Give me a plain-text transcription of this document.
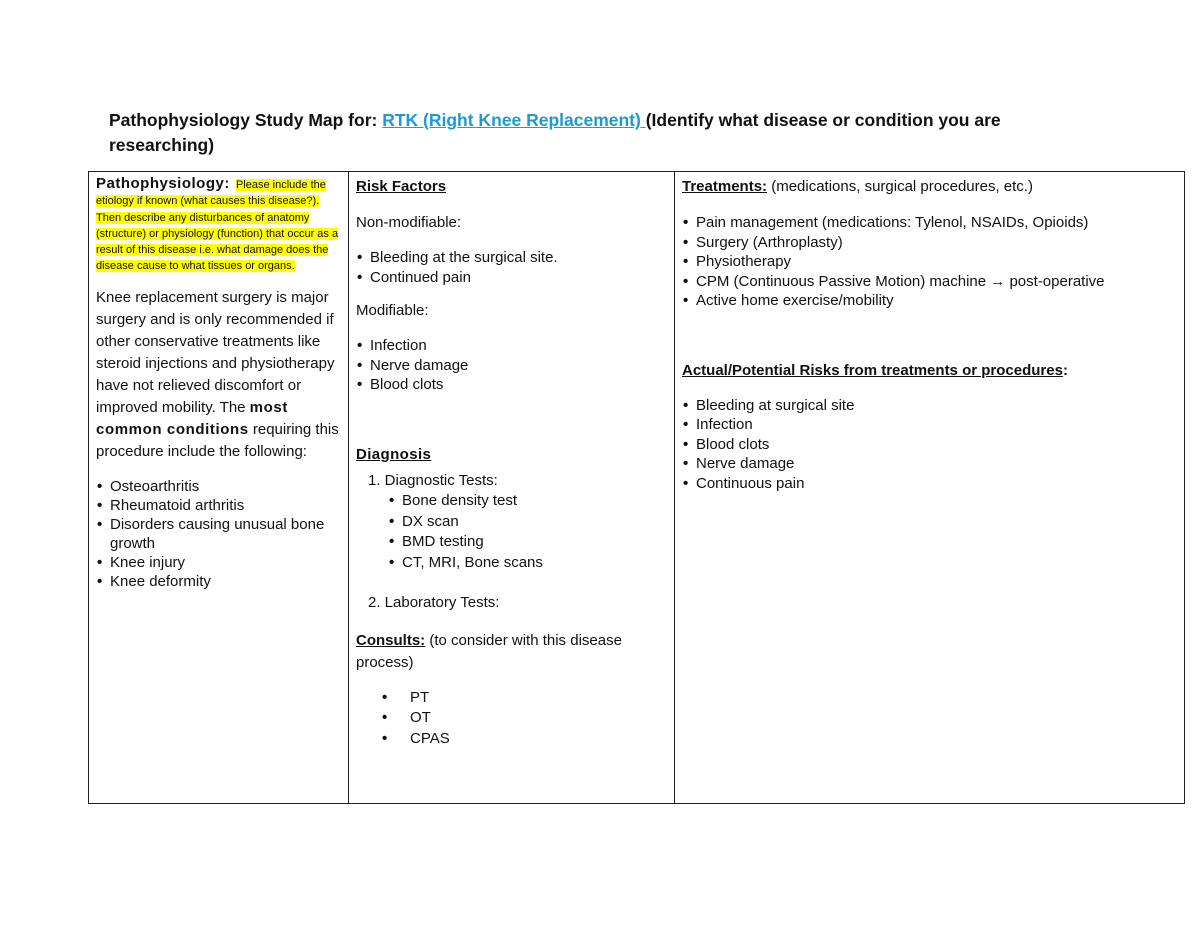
Pathophysiology Study Map for: RTK (Right Knee Replacement) (Identify what disease or condition you are researching)
Pathophysiology: Please include the etiology if known (what causes this disease?). Then describe any disturbances of anatomy (structure) or physiology (function) that occur as a result of this disease i.e. what damage does the disease cause to what tissues or organs.

Knee replacement surgery is major surgery and is only recommended if other conservative treatments like steroid injections and physiotherapy have not relieved discomfort or improved mobility. The most common conditions requiring this procedure include the following:

• Osteoarthritis
• Rheumatoid arthritis
• Disorders causing unusual bone growth
• Knee injury
• Knee deformity

Risk Factors

Non-modifiable:

• Bleeding at the surgical site.
• Continued pain

Modifiable:

• Infection
• Nerve damage
• Blood clots

Diagnosis

1. Diagnostic Tests:
• Bone density test
• DX scan
• BMD testing
• CT, MRI, Bone scans
2. Laboratory Tests:

Consults: (to consider with this disease process)

• PT
• OT
• CPAS

Treatments: (medications, surgical procedures, etc.)

• Pain management (medications: Tylenol, NSAIDs, Opioids)
• Surgery (Arthroplasty)
• Physiotherapy
• CPM (Continuous Passive Motion) machine → post-operative
• Active home exercise/mobility

Actual/Potential Risks from treatments or procedures:

• Bleeding at surgical site
• Infection
• Blood clots
• Nerve damage
• Continuous pain
